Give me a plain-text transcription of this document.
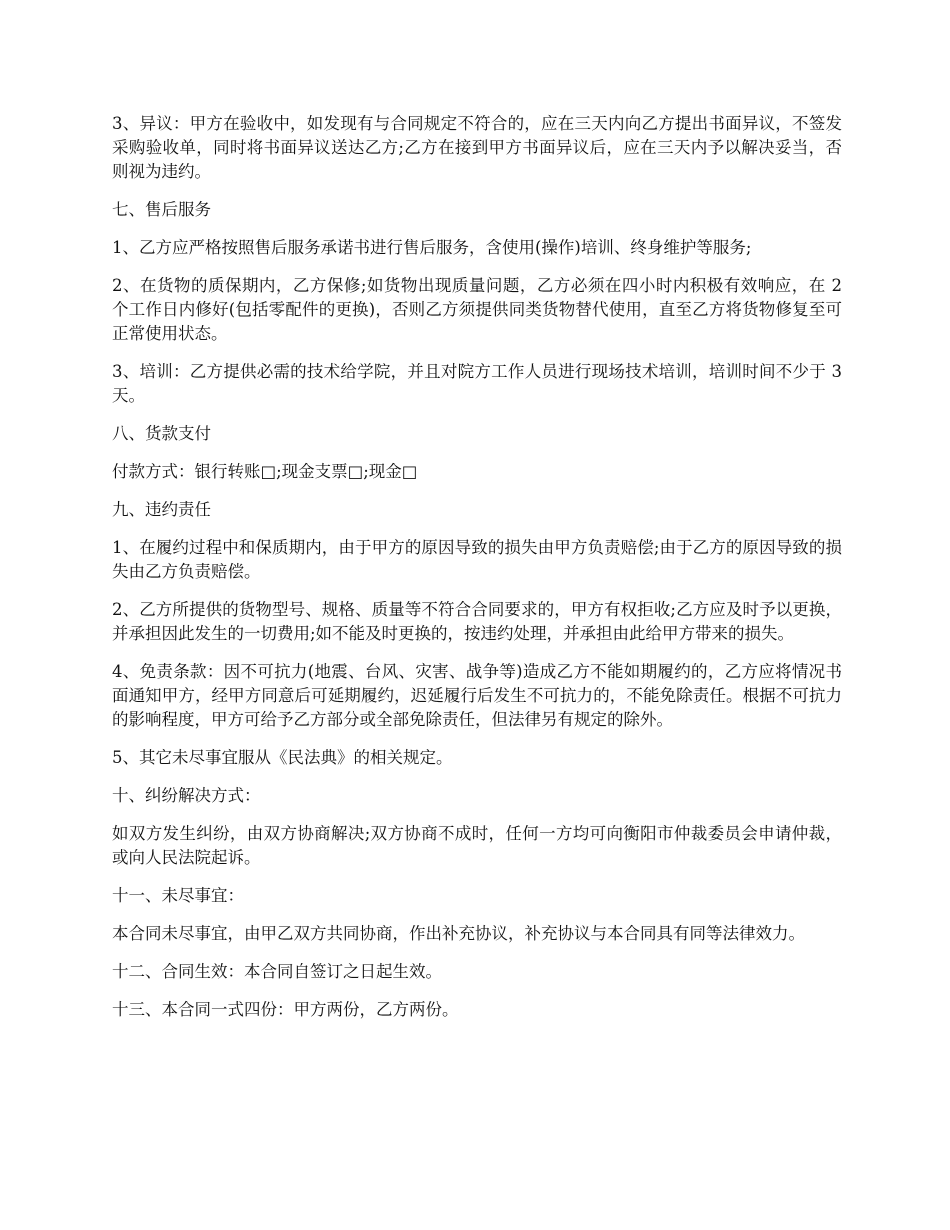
3、异议：甲方在验收中，如发现有与合同规定不符合的，应在三天内向乙方提出书面异议，不签发采购验收单，同时将书面异议送达乙方;乙方在接到甲方书面异议后，应在三天内予以解决妥当，否则视为违约。

七、售后服务

1、乙方应严格按照售后服务承诺书进行售后服务，含使用(操作)培训、终身维护等服务;

2、在货物的质保期内，乙方保修;如货物出现质量问题，乙方必须在四小时内积极有效响应，在 2 个工作日内修好(包括零配件的更换)，否则乙方须提供同类货物替代使用，直至乙方将货物修复至可正常使用状态。

3、培训：乙方提供必需的技术给学院，并且对院方工作人员进行现场技术培训，培训时间不少于 3 天。

八、货款支付

付款方式：银行转账□;现金支票□;现金□

九、违约责任

1、在履约过程中和保质期内，由于甲方的原因导致的损失由甲方负责赔偿;由于乙方的原因导致的损失由乙方负责赔偿。

2、乙方所提供的货物型号、规格、质量等不符合合同要求的，甲方有权拒收;乙方应及时予以更换，并承担因此发生的一切费用;如不能及时更换的，按违约处理，并承担由此给甲方带来的损失。

4、免责条款：因不可抗力(地震、台风、灾害、战争等)造成乙方不能如期履约的，乙方应将情况书面通知甲方，经甲方同意后可延期履约，迟延履行后发生不可抗力的，不能免除责任。根据不可抗力的影响程度，甲方可给予乙方部分或全部免除责任，但法律另有规定的除外。

5、其它未尽事宜服从《民法典》的相关规定。

十、纠纷解决方式：

如双方发生纠纷，由双方协商解决;双方协商不成时，任何一方均可向衡阳市仲裁委员会申请仲裁，或向人民法院起诉。

十一、未尽事宜：

本合同未尽事宜，由甲乙双方共同协商，作出补充协议，补充协议与本合同具有同等法律效力。

十二、合同生效：本合同自签订之日起生效。

十三、本合同一式四份：甲方两份，乙方两份。
